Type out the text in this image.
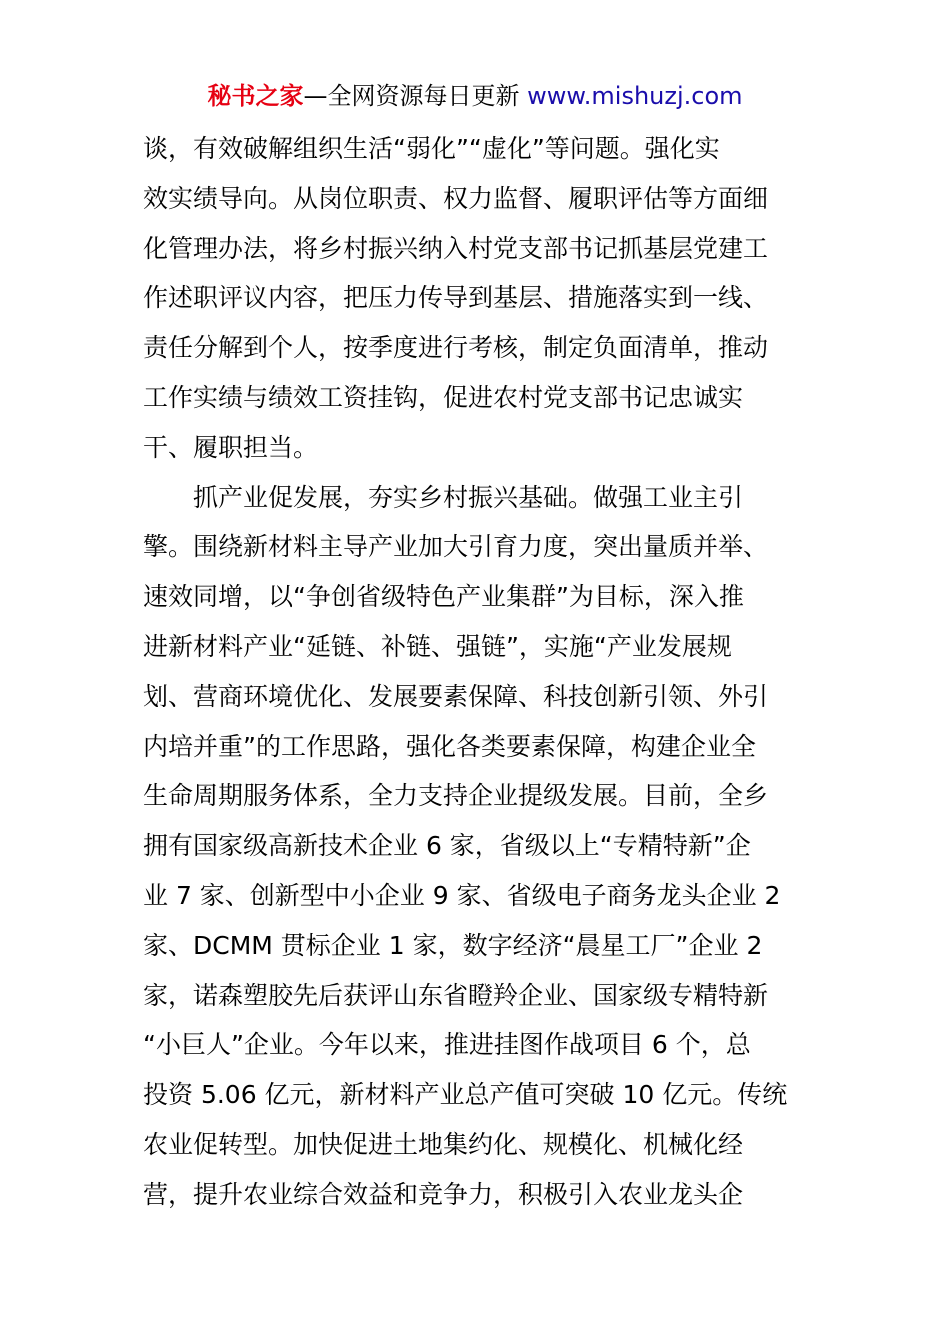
秘书之家—全网资源每日更新 www.mishuzj.com
谈，有效破解组织生活“弱化”“虚化”等问题。强化实
效实绩导向。从岗位职责、权力监督、履职评估等方面细
化管理办法，将乡村振兴纳入村党支部书记抓基层党建工
作述职评议内容，把压力传导到基层、措施落实到一线、
责任分解到个人，按季度进行考核，制定负面清单，推动
工作实绩与绩效工资挂钩，促进农村党支部书记忠诚实
干、履职担当。
　　抓产业促发展，夯实乡村振兴基础。做强工业主引
擎。围绕新材料主导产业加大引育力度，突出量质并举、
速效同增，以“争创省级特色产业集群”为目标，深入推
进新材料产业“延链、补链、强链”，实施“产业发展规
划、营商环境优化、发展要素保障、科技创新引领、外引
内培并重”的工作思路，强化各类要素保障，构建企业全
生命周期服务体系，全力支持企业提级发展。目前，全乡
拥有国家级高新技术企业 6 家，省级以上“专精特新”企
业 7 家、创新型中小企业 9 家、省级电子商务龙头企业 2
家、DCMM 贯标企业 1 家，数字经济“晨星工厂”企业 2
家，诺森塑胶先后获评山东省瞪羚企业、国家级专精特新
“小巨人”企业。今年以来，推进挂图作战项目 6 个，总
投资 5.06 亿元，新材料产业总产值可突破 10 亿元。传统
农业促转型。加快促进土地集约化、规模化、机械化经
营，提升农业综合效益和竞争力，积极引入农业龙头企
